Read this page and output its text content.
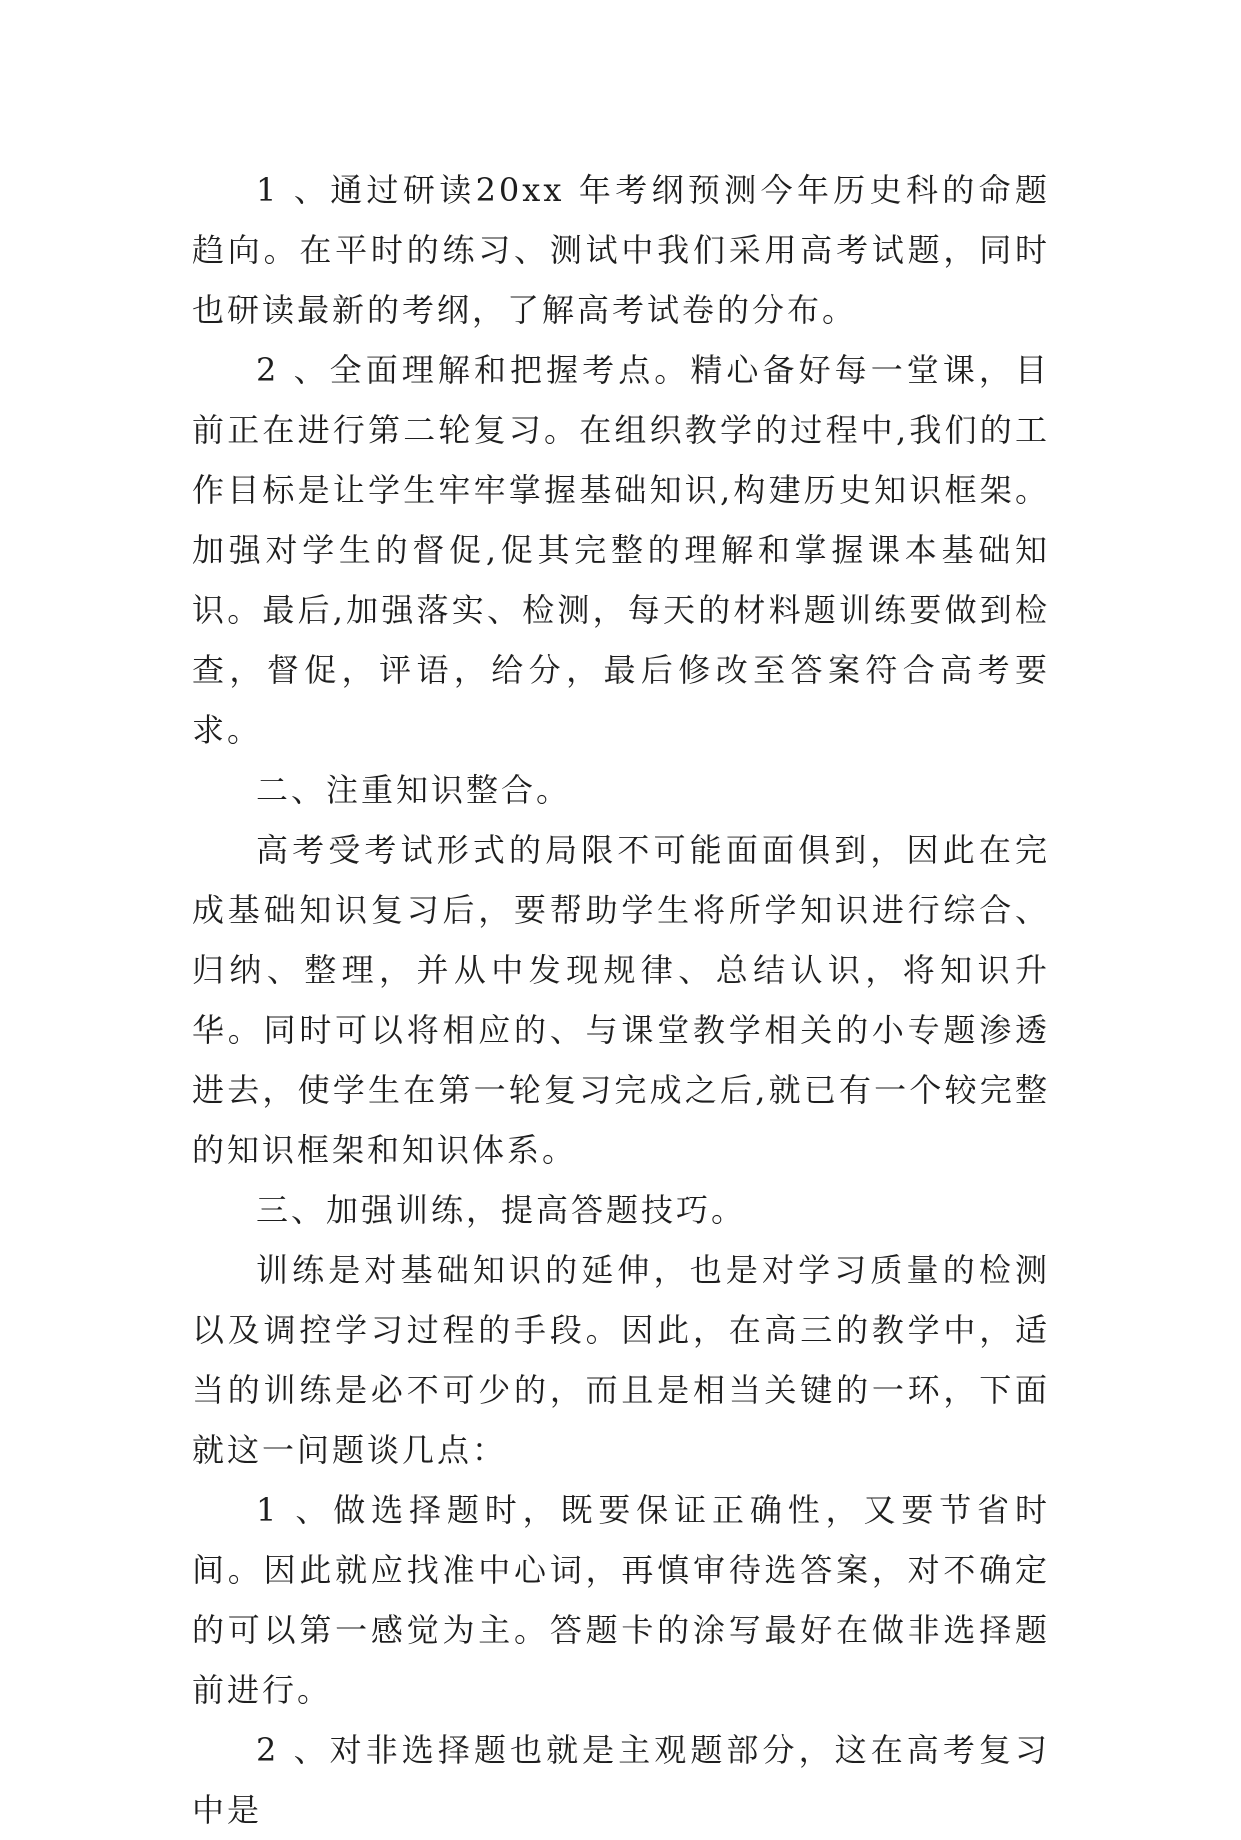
1 、通过研读20xx 年考纲预测今年历史科的命题趋向。在平时的练习、测试中我们采用高考试题，同时也研读最新的考纲，了解高考试卷的分布。

2 、全面理解和把握考点。精心备好每一堂课，目前正在进行第二轮复习。在组织教学的过程中,我们的工作目标是让学生牢牢掌握基础知识,构建历史知识框架。加强对学生的督促,促其完整的理解和掌握课本基础知识。最后,加强落实、检测，每天的材料题训练要做到检查，督促，评语，给分，最后修改至答案符合高考要求。

二、注重知识整合。

高考受考试形式的局限不可能面面俱到，因此在完成基础知识复习后，要帮助学生将所学知识进行综合、归纳、整理，并从中发现规律、总结认识，将知识升华。同时可以将相应的、与课堂教学相关的小专题渗透进去，使学生在第一轮复习完成之后,就已有一个较完整的知识框架和知识体系。

三、加强训练，提高答题技巧。

训练是对基础知识的延伸，也是对学习质量的检测以及调控学习过程的手段。因此，在高三的教学中，适当的训练是必不可少的，而且是相当关键的一环，下面就这一问题谈几点：

1 、做选择题时，既要保证正确性，又要节省时间。因此就应找准中心词，再慎审待选答案，对不确定的可以第一感觉为主。答题卡的涂写最好在做非选择题前进行。

2 、对非选择题也就是主观题部分，这在高考复习中是
